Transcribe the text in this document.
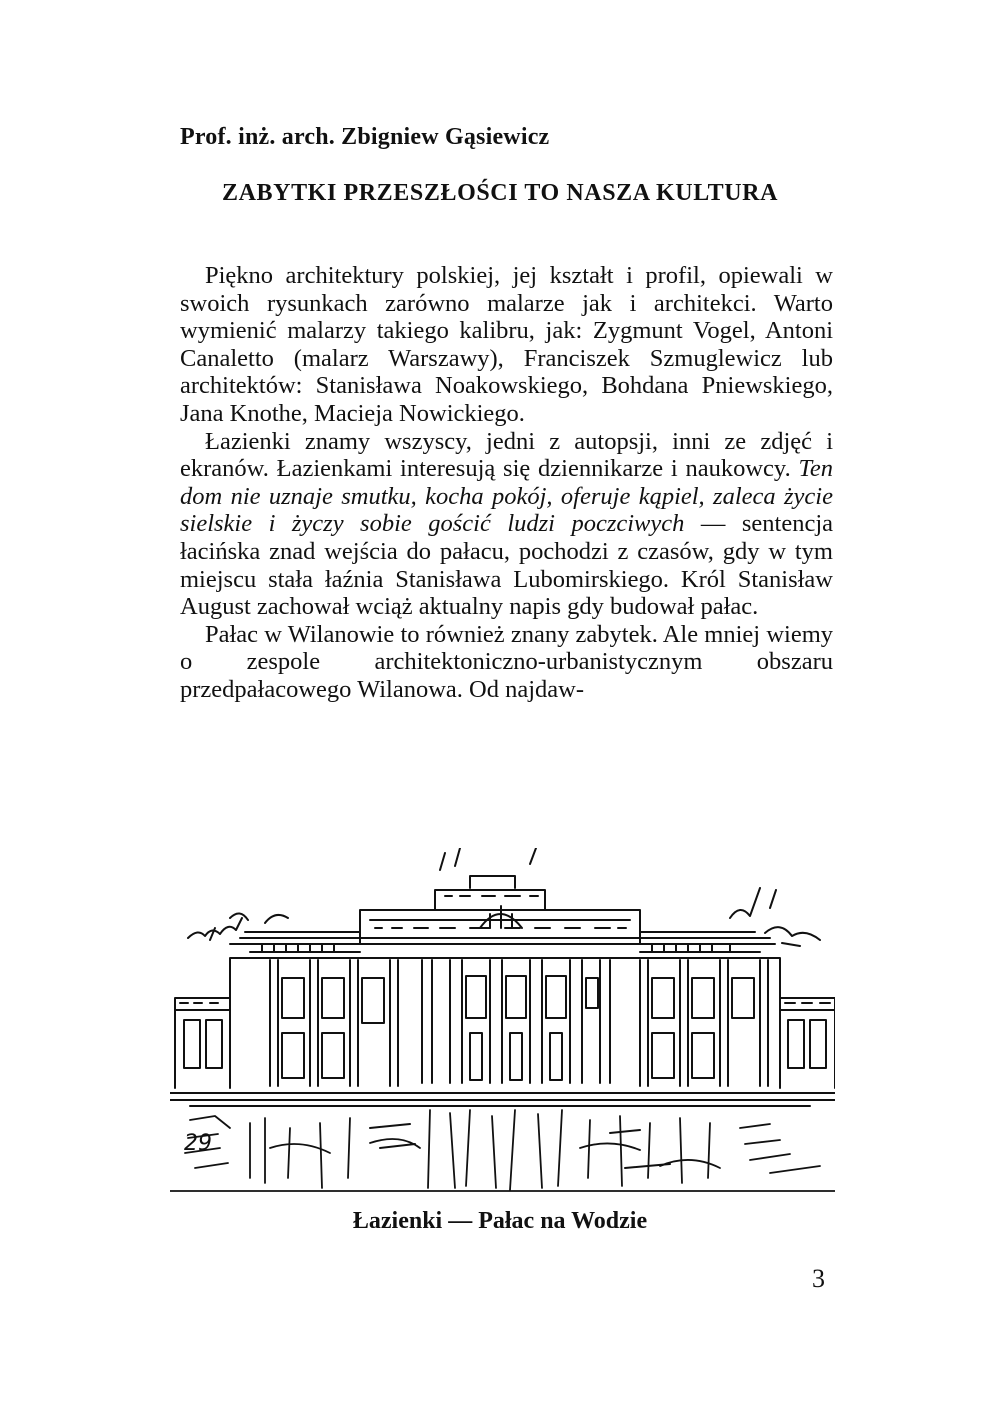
Prof. inż. arch. Zbigniew Gąsiewicz
ZABYTKI PRZESZŁOŚCI TO NASZA KULTURA

Piękno architektury polskiej, jej kształt i profil, opiewali w swoich rysunkach zarówno malarze jak i architekci. Warto wymienić malarzy takiego kalibru, jak: Zygmunt Vogel, Antoni Canaletto (malarz Warszawy), Franciszek Szmuglewicz lub architektów: Stanisława Noakowskiego, Bohdana Pniewskiego, Jana Knothe, Macieja Nowickiego.

Łazienki znamy wszyscy, jedni z autopsji, inni ze zdjęć i ekranów. Łazienkami interesują się dziennikarze i naukowcy. Ten dom nie uznaje smutku, kocha pokój, oferuje kąpiel, zaleca życie sielskie i życzy sobie gościć ludzi poczciwych — sentencja łacińska znad wejścia do pałacu, pochodzi z czasów, gdy w tym miejscu stała łaźnia Stanisława Lubomirskiego. Król Stanisław August zachował wciąż aktualny napis gdy budował pałac.

Pałac w Wilanowie to również znany zabytek. Ale mniej wiemy o zespole architektoniczno-urbanistycznym obszaru przedpałacowego Wilanowa. Od najdaw-

29
Łazienki — Pałac na Wodzie
3
